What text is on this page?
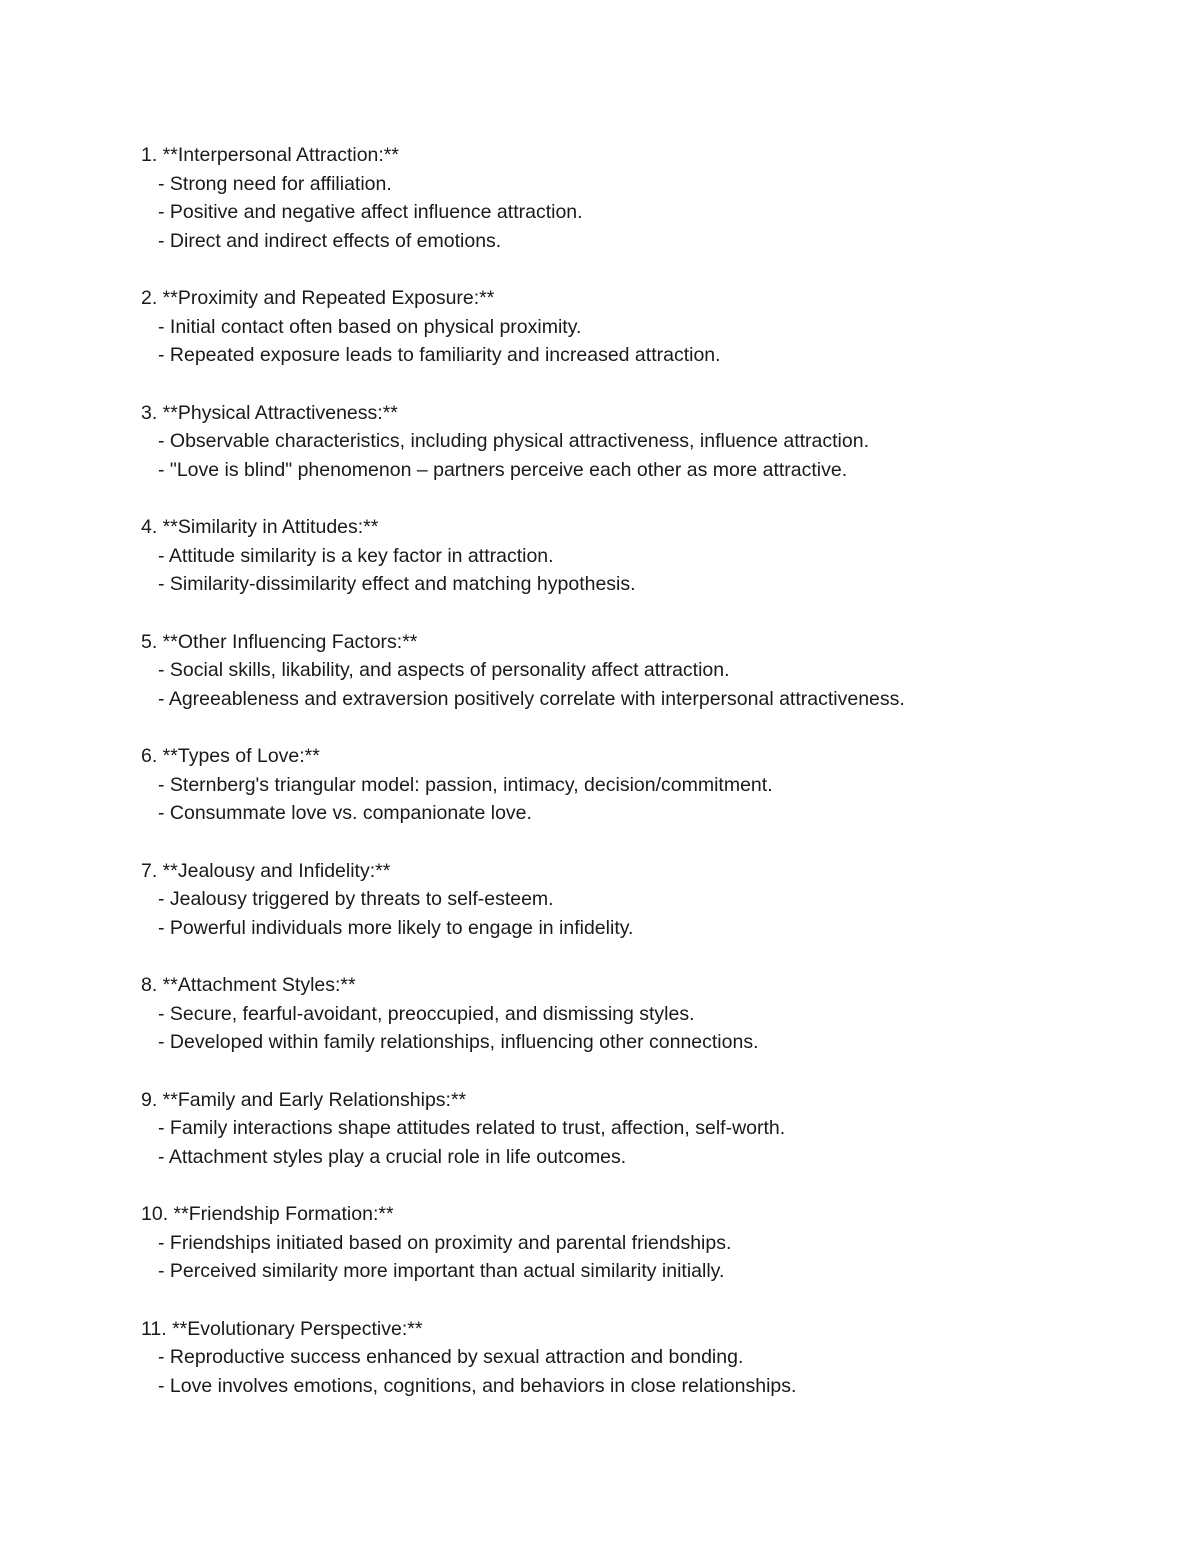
1. **Interpersonal Attraction:**
- Strong need for affiliation.
- Positive and negative affect influence attraction.
- Direct and indirect effects of emotions.
2. **Proximity and Repeated Exposure:**
- Initial contact often based on physical proximity.
- Repeated exposure leads to familiarity and increased attraction.
3. **Physical Attractiveness:**
- Observable characteristics, including physical attractiveness, influence attraction.
- "Love is blind" phenomenon – partners perceive each other as more attractive.
4. **Similarity in Attitudes:**
- Attitude similarity is a key factor in attraction.
- Similarity-dissimilarity effect and matching hypothesis.
5. **Other Influencing Factors:**
- Social skills, likability, and aspects of personality affect attraction.
- Agreeableness and extraversion positively correlate with interpersonal attractiveness.
6. **Types of Love:**
- Sternberg's triangular model: passion, intimacy, decision/commitment.
- Consummate love vs. companionate love.
7. **Jealousy and Infidelity:**
- Jealousy triggered by threats to self-esteem.
- Powerful individuals more likely to engage in infidelity.
8. **Attachment Styles:**
- Secure, fearful-avoidant, preoccupied, and dismissing styles.
- Developed within family relationships, influencing other connections.
9. **Family and Early Relationships:**
- Family interactions shape attitudes related to trust, affection, self-worth.
- Attachment styles play a crucial role in life outcomes.
10. **Friendship Formation:**
- Friendships initiated based on proximity and parental friendships.
- Perceived similarity more important than actual similarity initially.
11. **Evolutionary Perspective:**
- Reproductive success enhanced by sexual attraction and bonding.
- Love involves emotions, cognitions, and behaviors in close relationships.
